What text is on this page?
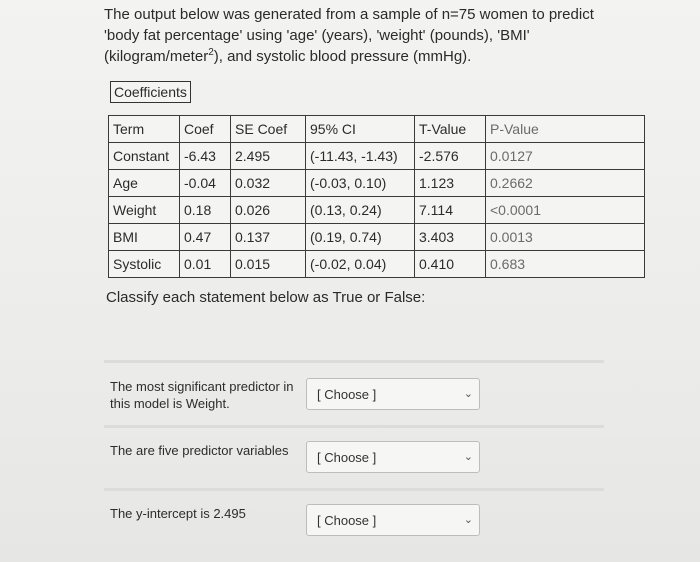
The output below was generated from a sample of n=75 women to predict
'body fat percentage' using 'age' (years), 'weight' (pounds), 'BMI'
(kilogram/meter$^2$), and systolic blood pressure (mmHg).
Coefficients
Term	Coef	SE Coef	95% CI	T-Value	P-Value
Constant	-6.43	2.495	(-11.43, -1.43)	-2.576	0.0127
Age	-0.04	0.032	(-0.03, 0.10)	1.123	0.2662
Weight	0.18	0.026	(0.13, 0.24)	7.114	<0.0001
BMI	0.47	0.137	(0.19, 0.74)	3.403	0.0013
Systolic	0.01	0.015	(-0.02, 0.04)	0.410	0.683
Classify each statement below as True or False:
The most significant predictor in this model is Weight.
[ Choose ]	⌄
The are five predictor variables	[ Choose ]	⌄
The y-intercept is 2.495	[ Choose ]	⌄
